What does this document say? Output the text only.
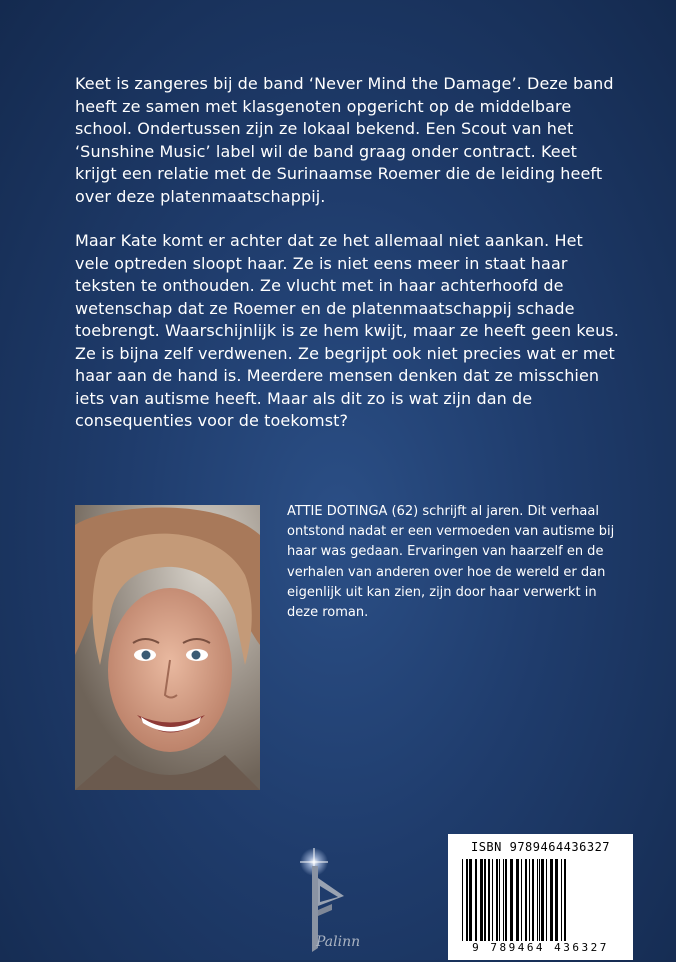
Keet is zangeres bij de band ‘Never Mind the Damage’. Deze band heeft ze samen met klasgenoten opgericht op de middelbare school. Ondertussen zijn ze lokaal bekend. Een Scout van het ‘Sunshine Music’ label wil de band graag onder contract. Keet krijgt een relatie met de Surinaamse Roemer die de leiding heeft over deze platenmaatschappij.

Maar Kate komt er achter dat ze het allemaal niet aankan. Het vele optreden sloopt haar. Ze is niet eens meer in staat haar teksten te onthouden. Ze vlucht met in haar achterhoofd de wetenschap dat ze Roemer en de platenmaatschappij schade toebrengt. Waarschijnlijk is ze hem kwijt, maar ze heeft geen keus. Ze is bijna zelf verdwenen. Ze begrijpt ook niet precies wat er met haar aan de hand is. Meerdere mensen denken dat ze misschien iets van autisme heeft. Maar als dit zo is wat zijn dan de consequenties voor de toekomst?

ATTIE DOTINGA (62) schrijft al jaren. Dit verhaal ontstond nadat er een vermoeden van autisme bij haar was gedaan. Ervaringen van haarzelf en de verhalen van anderen over hoe de wereld er dan eigenlijk uit kan zien, zijn door haar verwerkt in deze roman.
Palinn
ISBN 9789464436327
9 789464 436327
